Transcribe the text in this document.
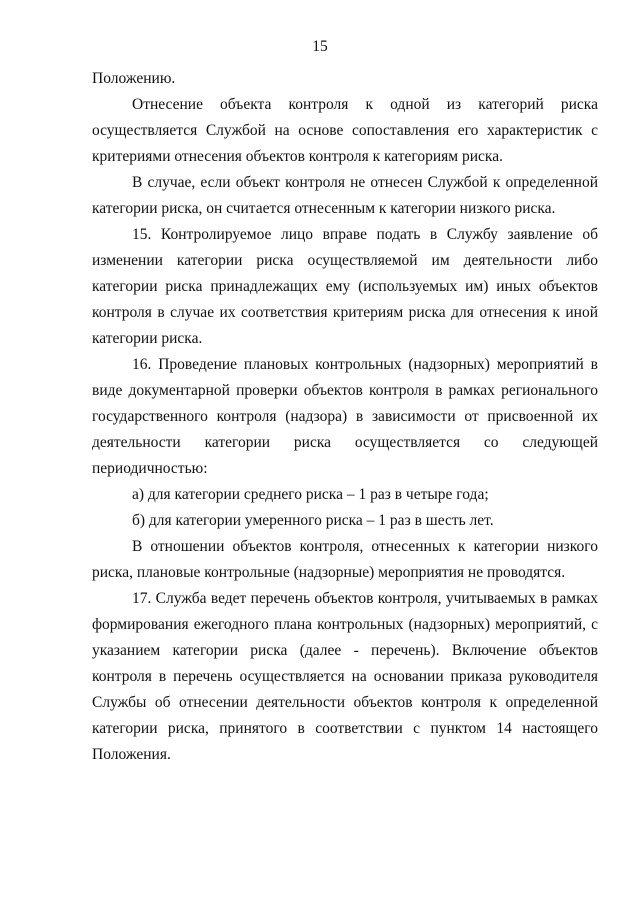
15

Положению.

Отнесение объекта контроля к одной из категорий риска осуществляется Службой на основе сопоставления его характеристик с критериями отнесения объектов контроля к категориям риска.

В случае, если объект контроля не отнесен Службой к определенной категории риска, он считается отнесенным к категории низкого риска.

15. Контролируемое лицо вправе подать в Службу заявление об изменении категории риска осуществляемой им деятельности либо категории риска принадлежащих ему (используемых им) иных объектов контроля в случае их соответствия критериям риска для отнесения к иной категории риска.

16. Проведение плановых контрольных (надзорных) мероприятий в виде документарной проверки объектов контроля в рамках регионального государственного контроля (надзора) в зависимости от присвоенной их деятельности категории риска осуществляется со следующей периодичностью:

а) для категории среднего риска – 1 раз в четыре года;

б) для категории умеренного риска – 1 раз в шесть лет.

В отношении объектов контроля, отнесенных к категории низкого риска, плановые контрольные (надзорные) мероприятия не проводятся.

17. Служба ведет перечень объектов контроля, учитываемых в рамках формирования ежегодного плана контрольных (надзорных) мероприятий, с указанием категории риска (далее - перечень). Включение объектов контроля в перечень осуществляется на основании приказа руководителя Службы об отнесении деятельности объектов контроля к определенной категории риска, принятого в соответствии с пунктом 14 настоящего Положения.
